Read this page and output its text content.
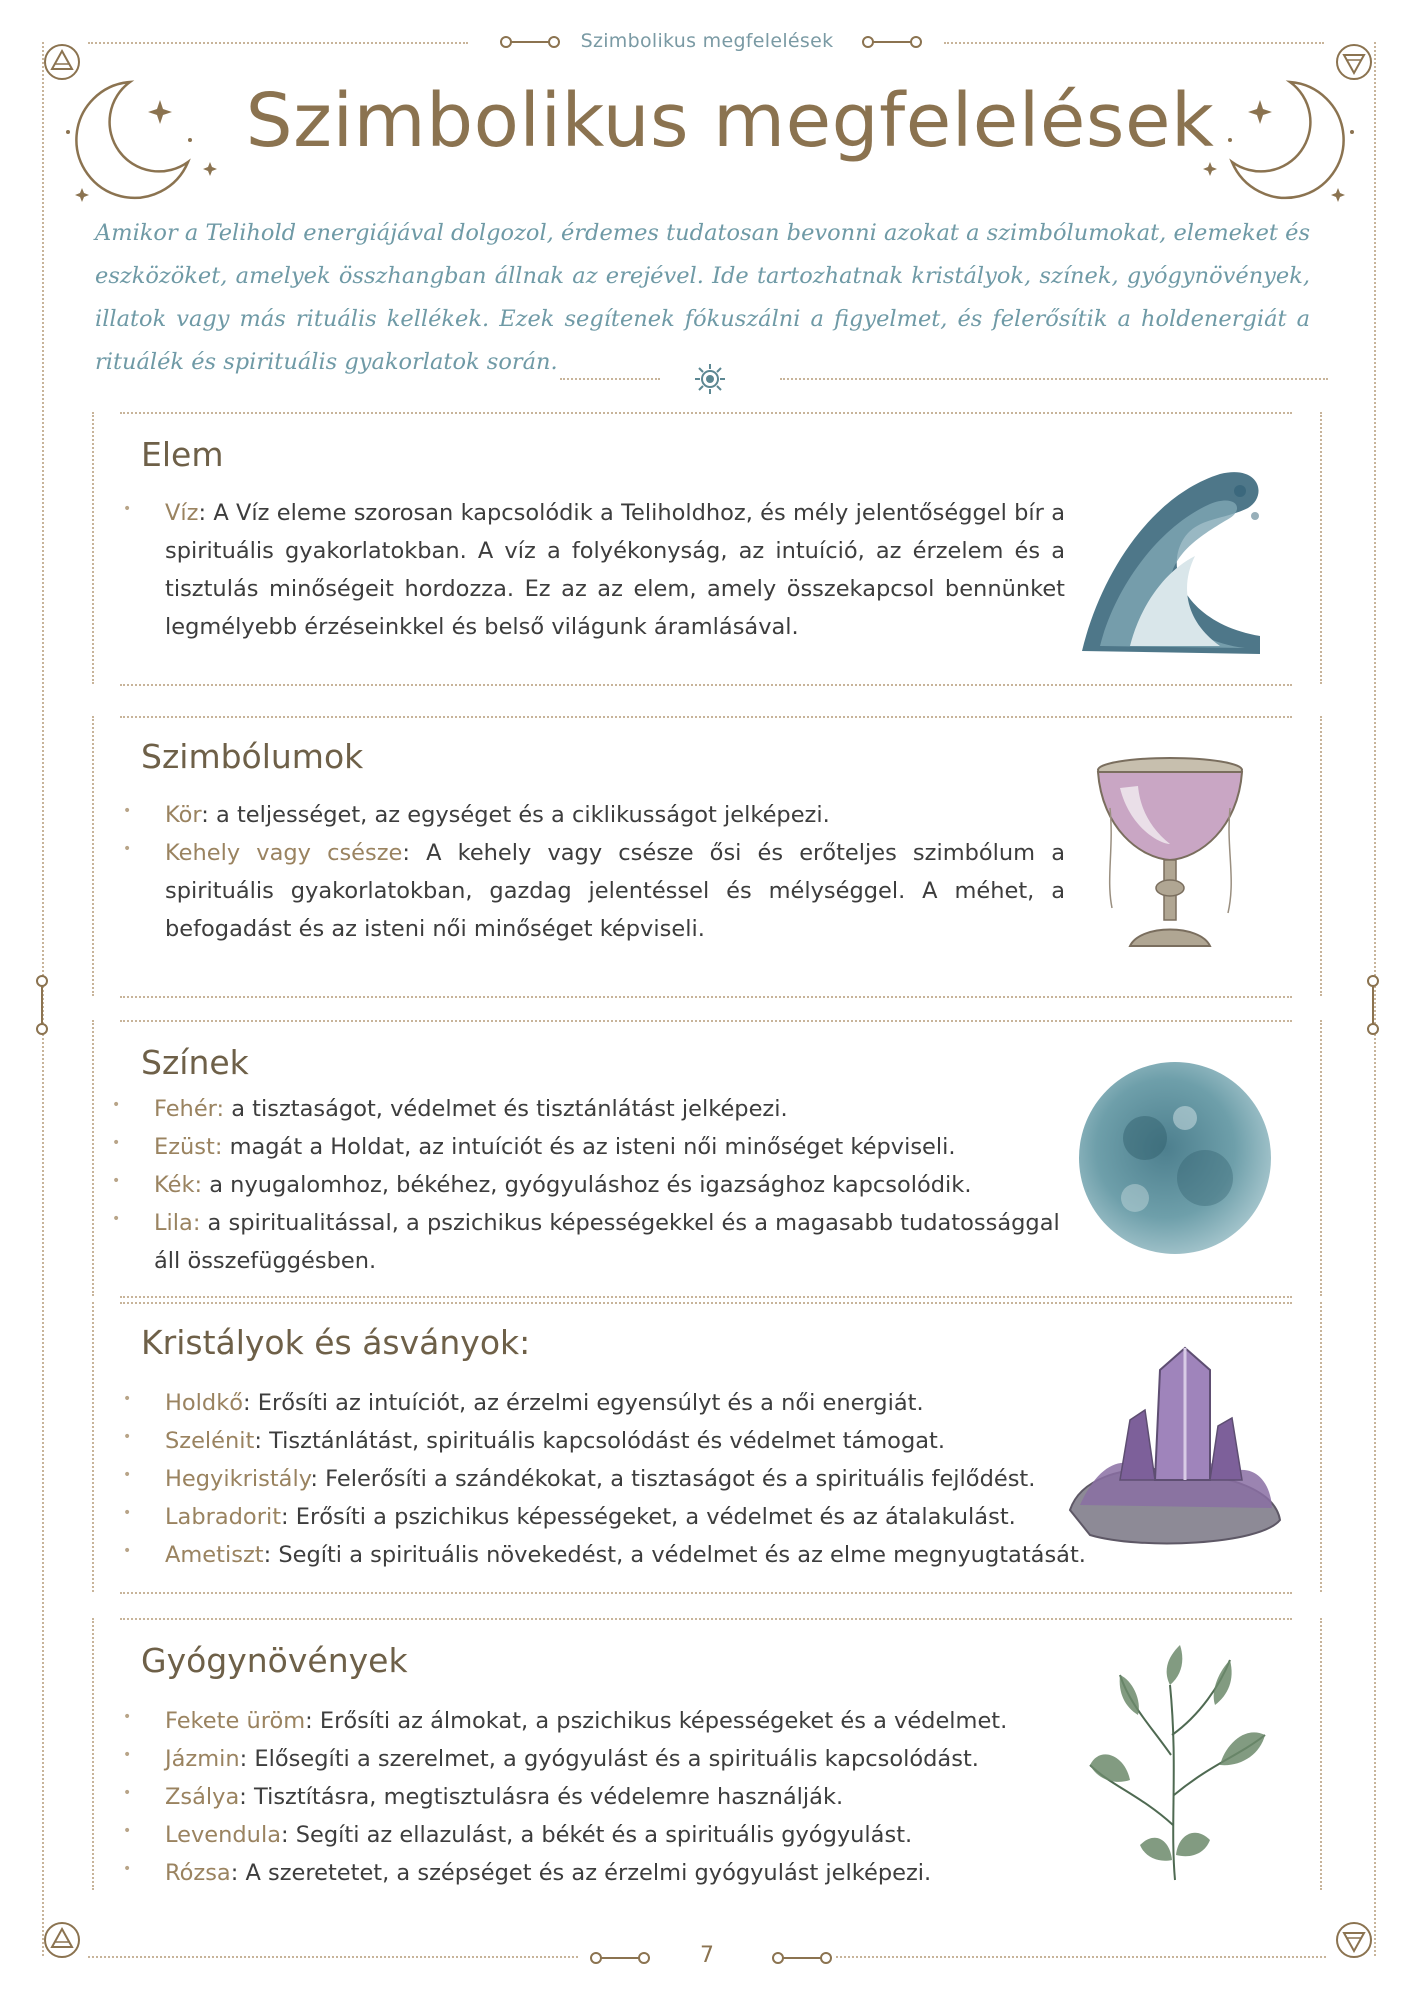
Szimbolikus megfelelések
Szimbolikus megfelelések
Amikor a Telihold energiájával dolgozol, érdemes tudatosan bevonni azokat a szimbólumokat, elemeket és eszközöket, amelyek összhangban állnak az erejével. Ide tartozhatnak kristályok, színek, gyógynövények, illatok vagy más rituális kellékek. Ezek segítenek fókuszálni a figyelmet, és felerősítik a holdenergiát a rituálék és spirituális gyakorlatok során.
Elem
• Víz: A Víz eleme szorosan kapcsolódik a Teliholdhoz, és mély jelentőséggel bír a spirituális gyakorlatokban. A víz a folyékonyság, az intuíció, az érzelem és a tisztulás minőségeit hordozza. Ez az az elem, amely összekapcsol bennünket legmélyebb érzéseinkkel és belső világunk áramlásával.
Szimbólumok
• Kör: a teljességet, az egységet és a ciklikusságot jelképezi.
• Kehely vagy csésze: A kehely vagy csésze ősi és erőteljes szimbólum a spirituális gyakorlatokban, gazdag jelentéssel és mélységgel. A méhet, a befogadást és az isteni női minőséget képviseli.
Színek
• Fehér: a tisztaságot, védelmet és tisztánlátást jelképezi.
• Ezüst: magát a Holdat, az intuíciót és az isteni női minőséget képviseli.
• Kék: a nyugalomhoz, békéhez, gyógyuláshoz és igazsághoz kapcsolódik.
• Lila: a spiritualitással, a pszichikus képességekkel és a magasabb tudatossággal áll összefüggésben.
Kristályok és ásványok:
• Holdkő: Erősíti az intuíciót, az érzelmi egyensúlyt és a női energiát.
• Szelénit: Tisztánlátást, spirituális kapcsolódást és védelmet támogat.
• Hegyikristály: Felerősíti a szándékokat, a tisztaságot és a spirituális fejlődést.
• Labradorit: Erősíti a pszichikus képességeket, a védelmet és az átalakulást.
• Ametiszt: Segíti a spirituális növekedést, a védelmet és az elme megnyugtatását.
Gyógynövények
• Fekete üröm: Erősíti az álmokat, a pszichikus képességeket és a védelmet.
• Jázmin: Elősegíti a szerelmet, a gyógyulást és a spirituális kapcsolódást.
• Zsálya: Tisztításra, megtisztulásra és védelemre használják.
• Levendula: Segíti az ellazulást, a békét és a spirituális gyógyulást.
• Rózsa: A szeretetet, a szépséget és az érzelmi gyógyulást jelképezi.
7
